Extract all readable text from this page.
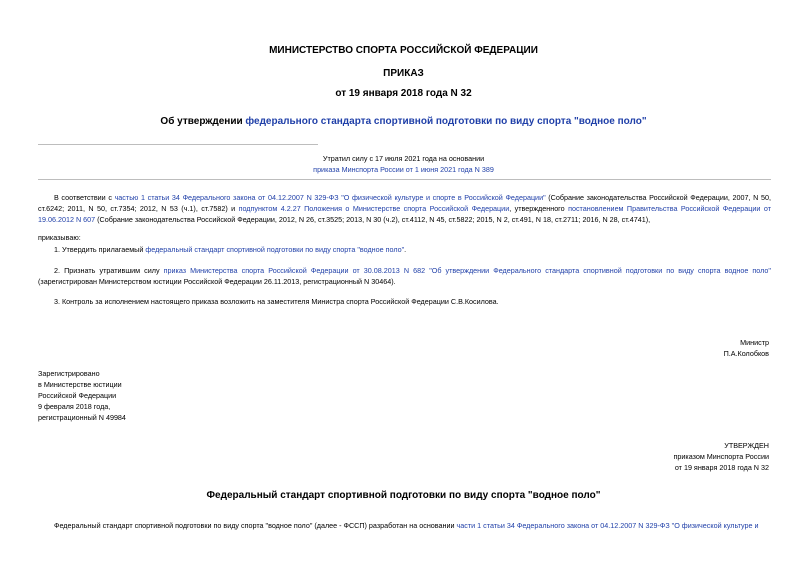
МИНИСТЕРСТВО СПОРТА РОССИЙСКОЙ ФЕДЕРАЦИИ
ПРИКАЗ
от 19 января 2018 года N 32
Об утверждении федерального стандарта спортивной подготовки по виду спорта "водное поло"
Утратил силу с 17 июля 2021 года на основании
приказа Минспорта России от 1 июня 2021 года N 389
В соответствии с частью 1 статьи 34 Федерального закона от 04.12.2007 N 329-ФЗ "О физической культуре и спорте в Российской Федерации" (Собрание законодательства Российской Федерации, 2007, N 50, ст.6242; 2011, N 50, ст.7354; 2012, N 53 (ч.1), ст.7582) и подпунктом 4.2.27 Положения о Министерстве спорта Российской Федерации, утвержденного постановлением Правительства Российской Федерации от 19.06.2012 N 607 (Собрание законодательства Российской Федерации, 2012, N 26, ст.3525; 2013, N 30 (ч.2), ст.4112, N 45, ст.5822; 2015, N 2, ст.491, N 18, ст.2711; 2016, N 28, ст.4741),
приказываю:
1. Утвердить прилагаемый федеральный стандарт спортивной подготовки по виду спорта "водное поло".
2. Признать утратившим силу приказ Министерства спорта Российской Федерации от 30.08.2013 N 682 "Об утверждении Федерального стандарта спортивной подготовки по виду спорта водное поло" (зарегистрирован Министерством юстиции Российской Федерации 26.11.2013, регистрационный N 30464).
3. Контроль за исполнением настоящего приказа возложить на заместителя Министра спорта Российской Федерации С.В.Косилова.
Министр
П.А.Колобков
Зарегистрировано
в Министерстве юстиции
Российской Федерации
9 февраля 2018 года,
регистрационный N 49984
УТВЕРЖДЕН
приказом Минспорта России
от 19 января 2018 года N 32
Федеральный стандарт спортивной подготовки по виду спорта "водное поло"
Федеральный стандарт спортивной подготовки по виду спорта "водное поло" (далее - ФССП) разработан на основании части 1 статьи 34 Федерального закона от 04.12.2007 N 329-ФЗ "О физической культуре и
